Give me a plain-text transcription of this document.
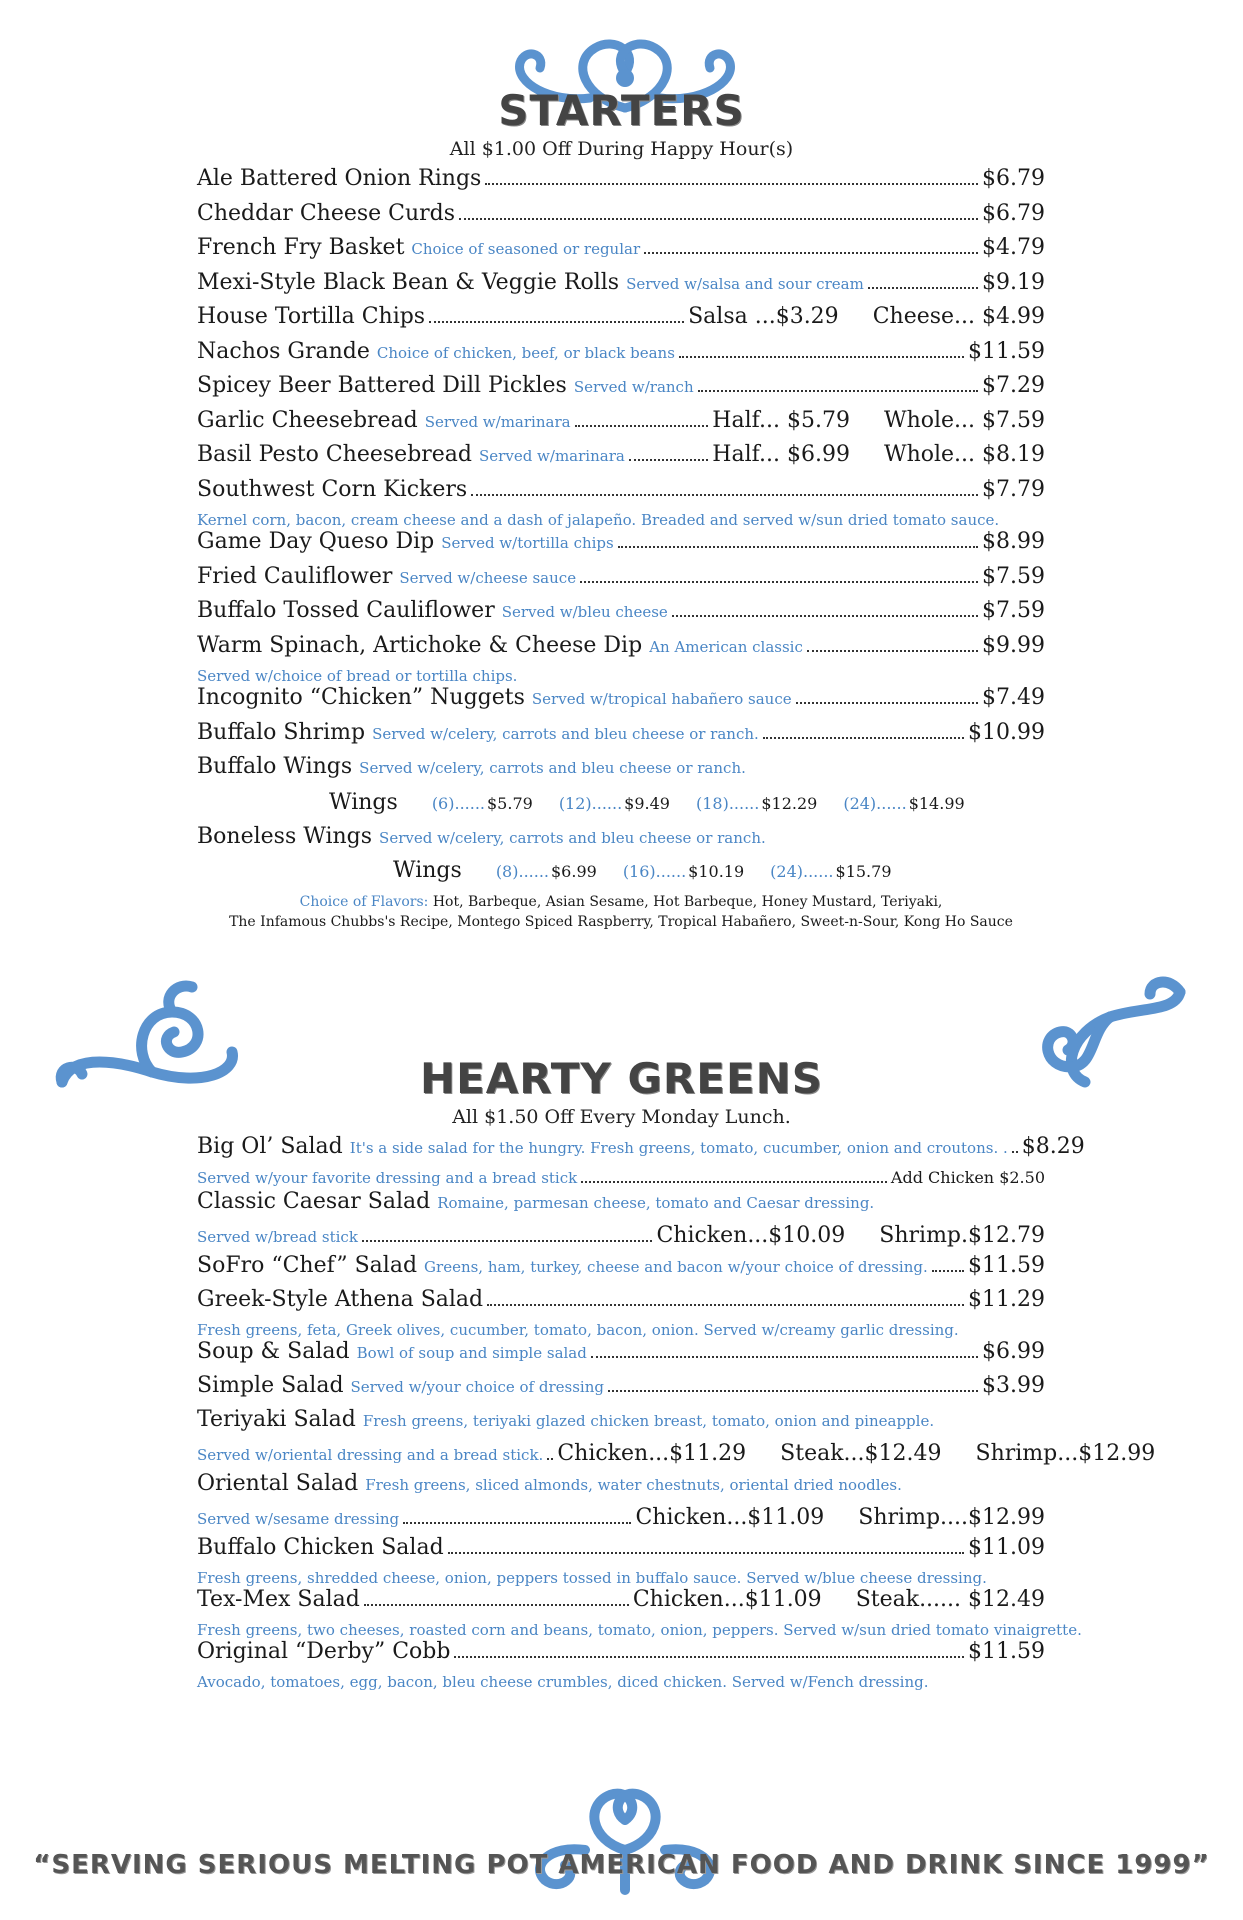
STARTERS
All $1.00 Off During Happy Hour(s)
Ale Battered Onion Rings	$6.79
Cheddar Cheese Curds	$6.79
French Fry Basket Choice of seasoned or regular	$4.79
Mexi-Style Black Bean & Veggie Rolls Served w/salsa and sour cream	$9.19
House Tortilla Chips	Salsa ...$3.29 Cheese... $4.99
Nachos Grande Choice of chicken, beef, or black beans	$11.59
Spicey Beer Battered Dill Pickles Served w/ranch	$7.29
Garlic Cheesebread Served w/marinara	Half... $5.79 Whole... $7.59
Basil Pesto Cheesebread Served w/marinara	Half... $6.99 Whole... $8.19
Southwest Corn Kickers	$7.79
Kernel corn, bacon, cream cheese and a dash of jalapeño. Breaded and served w/sun dried tomato sauce.
Game Day Queso Dip Served w/tortilla chips	$8.99
Fried Cauliflower Served w/cheese sauce	$7.59
Buffalo Tossed Cauliflower Served w/bleu cheese	$7.59
Warm Spinach, Artichoke & Cheese Dip An American classic	$9.99
Served w/choice of bread or tortilla chips.
Incognito “Chicken” Nuggets Served w/tropical habañero sauce	$7.49
Buffalo Shrimp Served w/celery, carrots and bleu cheese or ranch.	$10.99
Buffalo Wings Served w/celery, carrots and bleu cheese or ranch.
Wings (6)...... $5.79 (12)...... $9.49 (18)...... $12.29 (24)...... $14.99
Boneless Wings Served w/celery, carrots and bleu cheese or ranch.
Wings (8)...... $6.99 (16)...... $10.19 (24)...... $15.79
Choice of Flavors: Hot, Barbeque, Asian Sesame, Hot Barbeque, Honey Mustard, Teriyaki,
The Infamous Chubbs's Recipe, Montego Spiced Raspberry, Tropical Habañero, Sweet-n-Sour, Kong Ho Sauce
HEARTY GREENS
All $1.50 Off Every Monday Lunch.
Big Ol’ Salad It's a side salad for the hungry. Fresh greens, tomato, cucumber, onion and croutons. . $8.29
Served w/your favorite dressing and a bread stick	Add Chicken $2.50
Classic Caesar Salad Romaine, parmesan cheese, tomato and Caesar dressing.
Served w/bread stick	Chicken...$10.09 Shrimp.$12.79
SoFro “Chef” Salad Greens, ham, turkey, cheese and bacon w/your choice of dressing. $11.59
Greek-Style Athena Salad	$11.29
Fresh greens, feta, Greek olives, cucumber, tomato, bacon, onion. Served w/creamy garlic dressing.
Soup & Salad Bowl of soup and simple salad	$6.99
Simple Salad Served w/your choice of dressing	$3.99
Teriyaki Salad Fresh greens, teriyaki glazed chicken breast, tomato, onion and pineapple.
Served w/oriental dressing and a bread stick. Chicken...$11.29 Steak...$12.49 Shrimp...$12.99
Oriental Salad Fresh greens, sliced almonds, water chestnuts, oriental dried noodles.
Served w/sesame dressing	Chicken...$11.09 Shrimp....$12.99
Buffalo Chicken Salad	$11.09
Fresh greens, shredded cheese, onion, peppers tossed in buffalo sauce. Served w/blue cheese dressing.
Tex-Mex Salad	Chicken...$11.09 Steak...... $12.49
Fresh greens, two cheeses, roasted corn and beans, tomato, onion, peppers. Served w/sun dried tomato vinaigrette.
Original “Derby” Cobb	$11.59
Avocado, tomatoes, egg, bacon, bleu cheese crumbles, diced chicken. Served w/Fench dressing.
“SERVING SERIOUS MELTING POT AMERICAN FOOD AND DRINK SINCE 1999”
